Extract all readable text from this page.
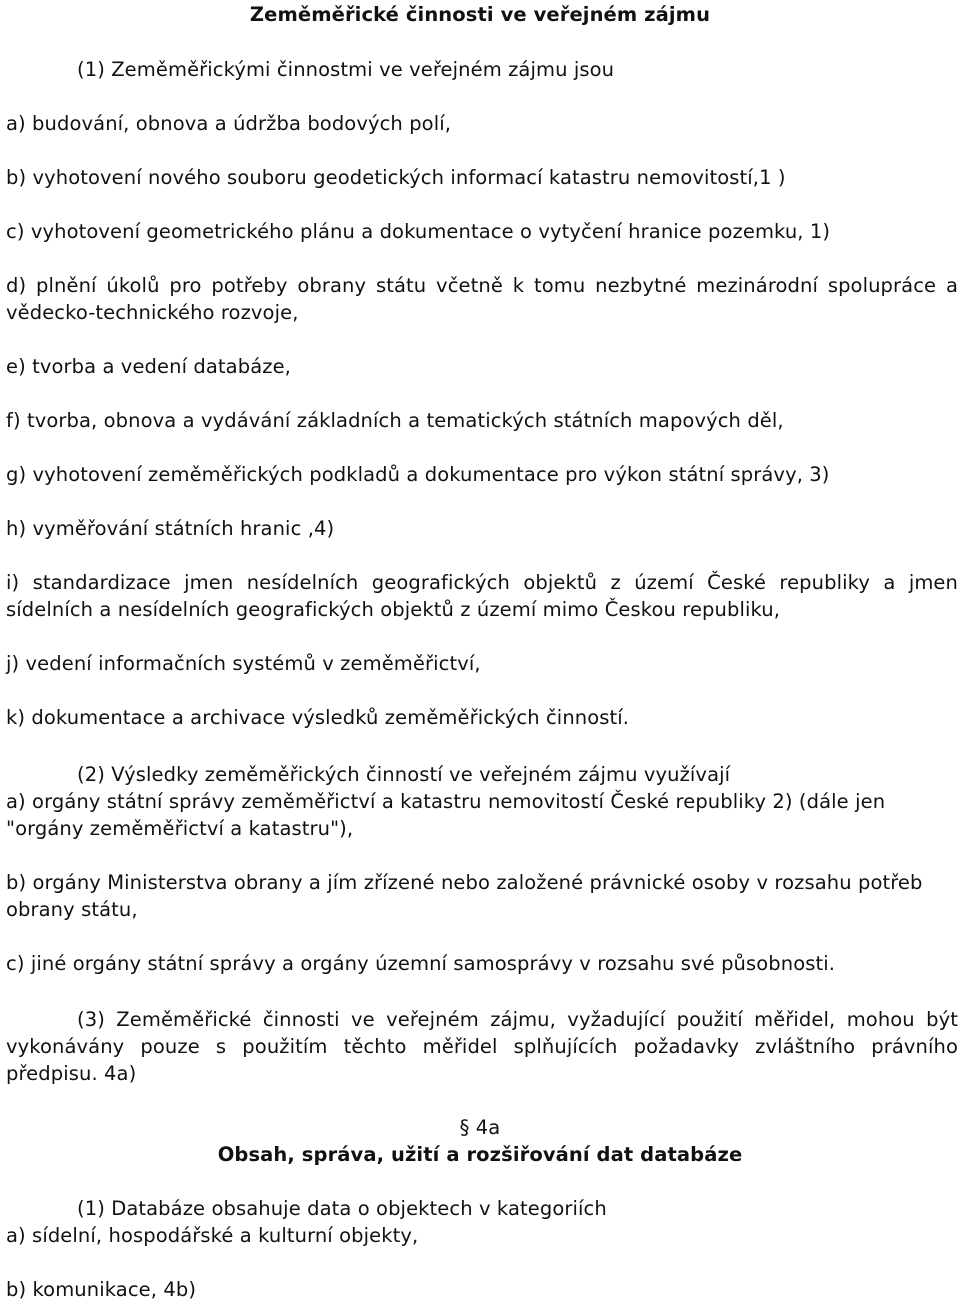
Zeměměřické činnosti ve veřejném zájmu
(1) Zeměměřickými činnostmi ve veřejném zájmu jsou
a) budování, obnova a údržba bodových polí,
b) vyhotovení nového souboru geodetických informací katastru nemovitostí,1 )
c) vyhotovení geometrického plánu a dokumentace o vytyčení hranice pozemku, 1)
d) plnění úkolů pro potřeby obrany státu včetně k tomu nezbytné mezinárodní spolupráce a vědecko-technického rozvoje,
e) tvorba a vedení databáze,
f) tvorba, obnova a vydávání základních a tematických státních mapových děl,
g) vyhotovení zeměměřických podkladů a dokumentace pro výkon státní správy, 3)
h) vyměřování státních hranic ,4)
i) standardizace jmen nesídelních geografických objektů z území České republiky a jmen sídelních a nesídelních geografických objektů z území mimo Českou republiku,
j) vedení informačních systémů v zeměměřictví,
k) dokumentace a archivace výsledků zeměměřických činností.
(2) Výsledky zeměměřických činností ve veřejném zájmu využívají
a) orgány státní správy zeměměřictví a katastru nemovitostí České republiky 2) (dále jen "orgány zeměměřictví a katastru"),
b) orgány Ministerstva obrany a jím zřízené nebo založené právnické osoby v rozsahu potřeb obrany státu,
c) jiné orgány státní správy a orgány územní samosprávy v rozsahu své působnosti.
(3) Zeměměřické činnosti ve veřejném zájmu, vyžadující použití měřidel, mohou být vykonávány pouze s použitím těchto měřidel splňujících požadavky zvláštního právního předpisu. 4a)
§ 4a
Obsah, správa, užití a rozšiřování dat databáze
(1) Databáze obsahuje data o objektech v kategoriích
a) sídelní, hospodářské a kulturní objekty,
b) komunikace, 4b)
